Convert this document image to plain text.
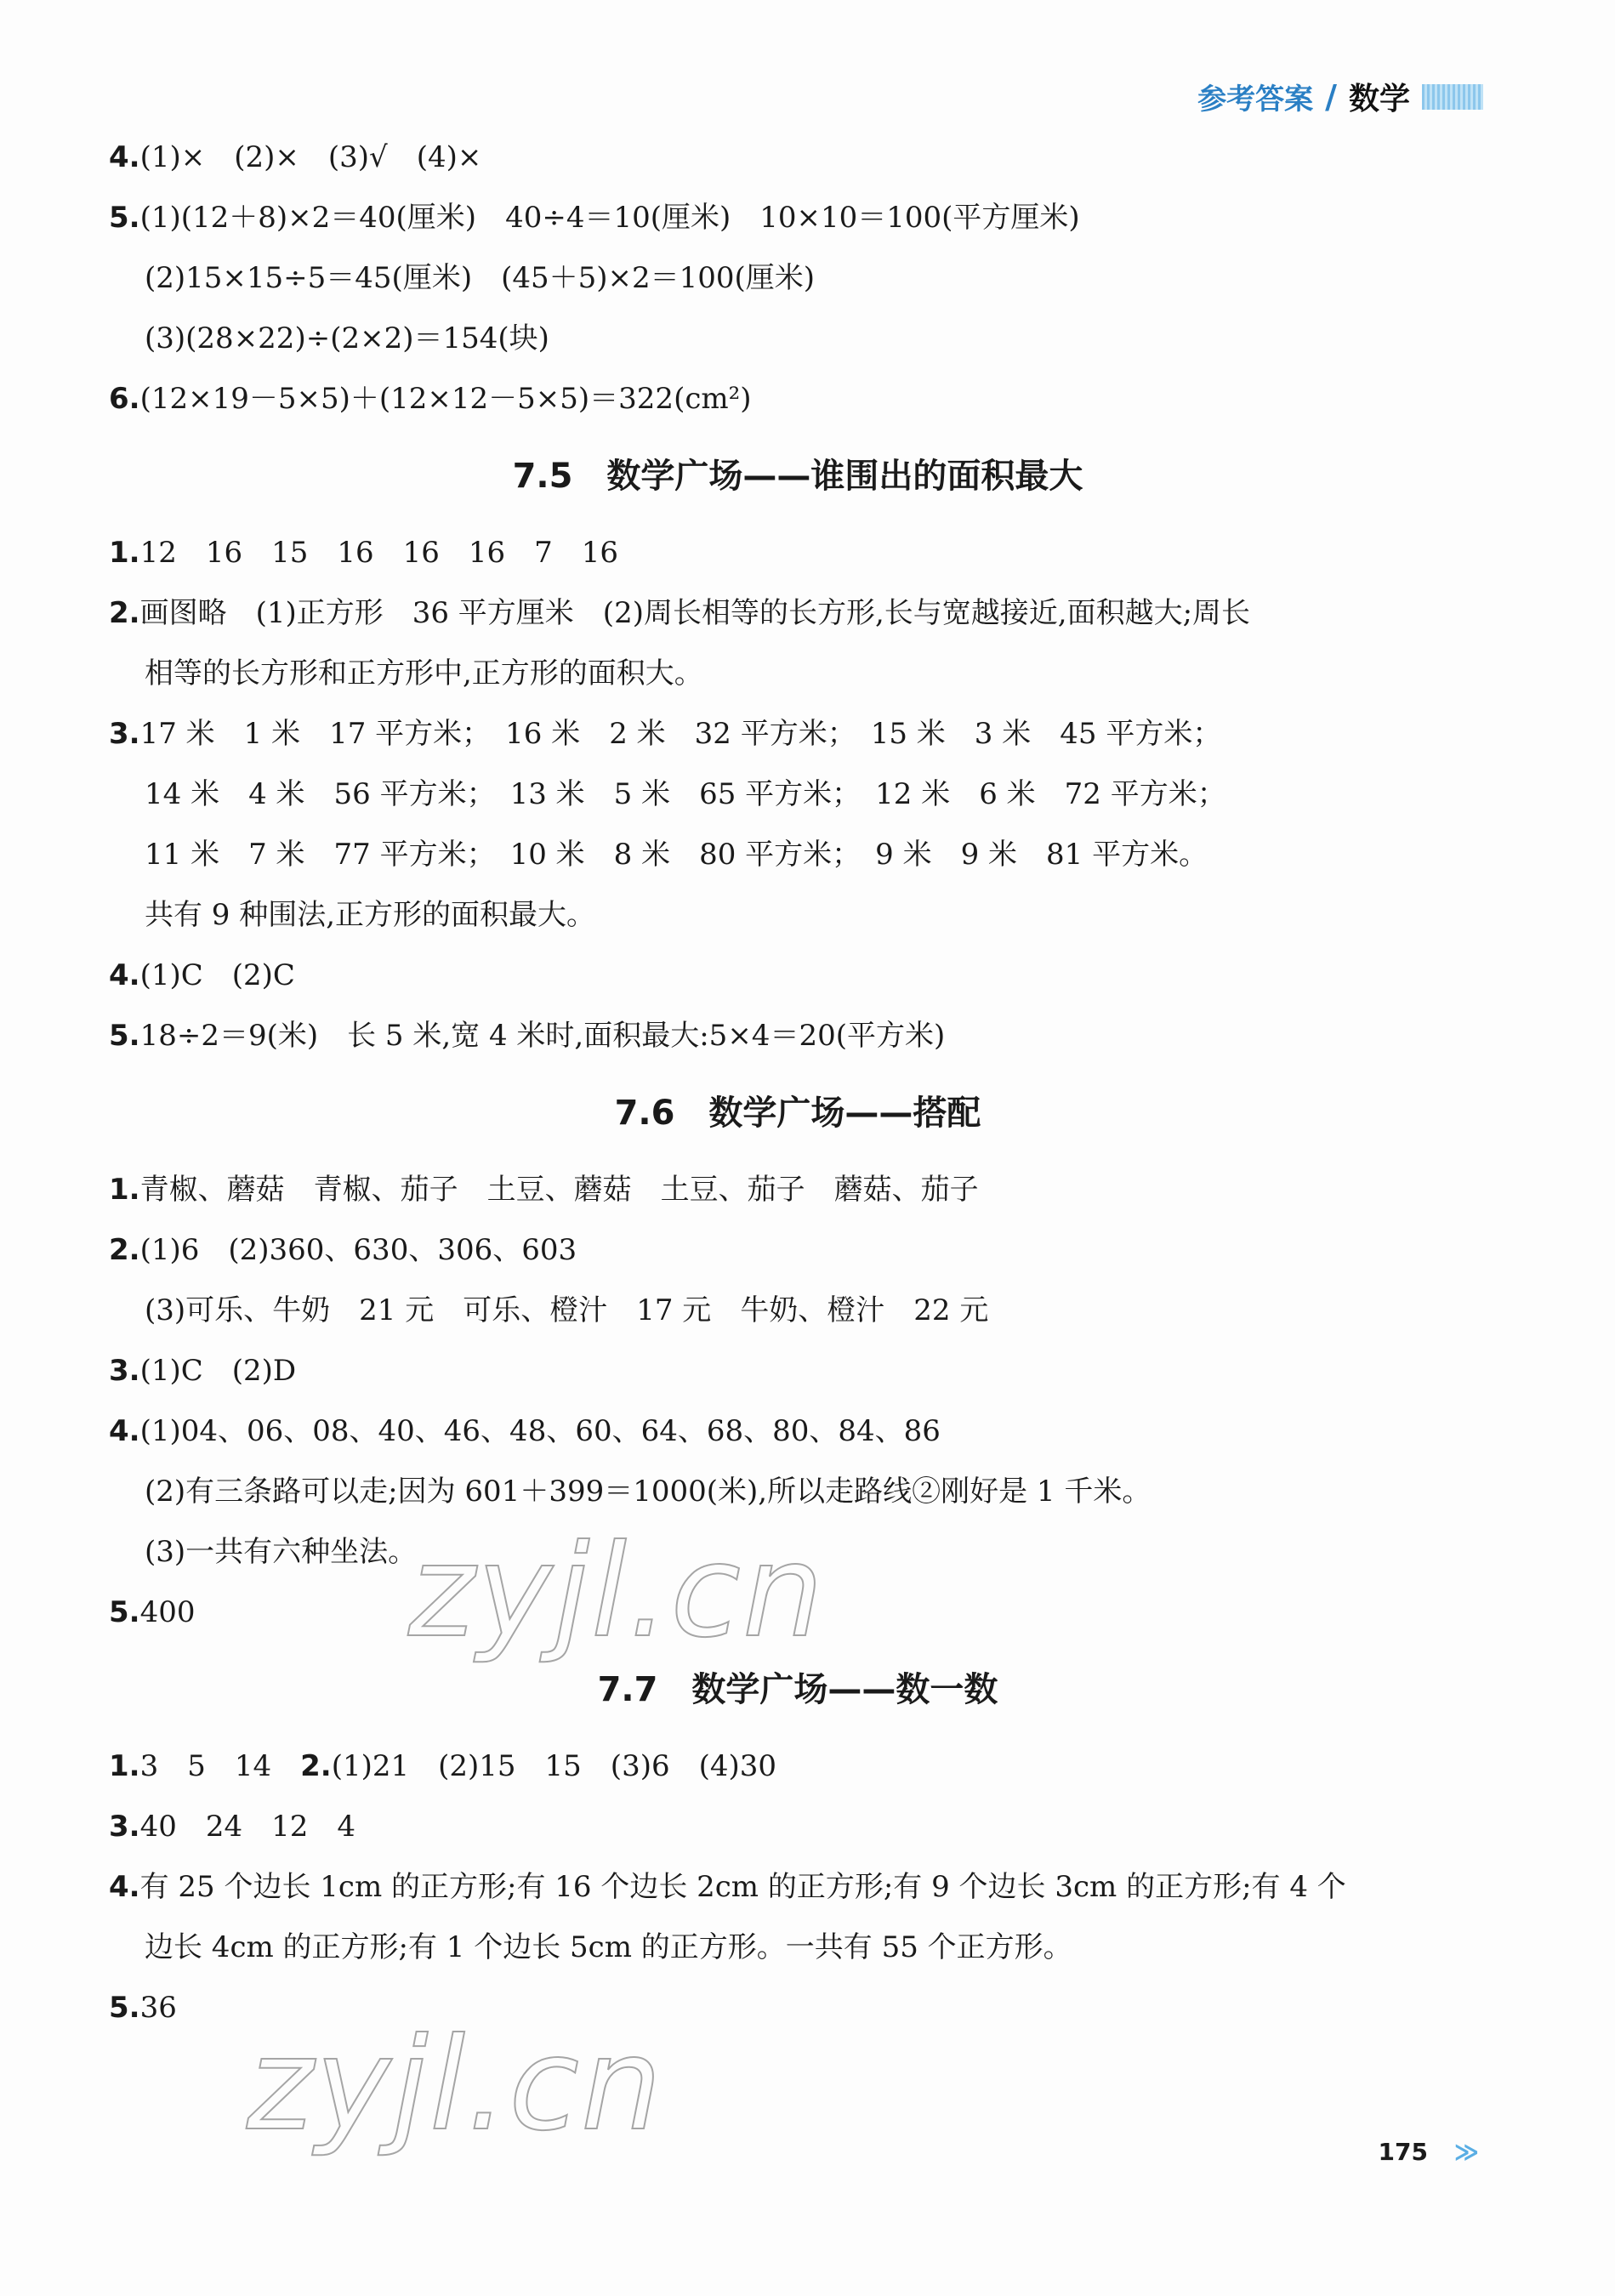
参考答案 / 数学
4.(1)×　(2)×　(3)√　(4)×
5.(1)(12＋8)×2＝40(厘米)　40÷4＝10(厘米)　10×10＝100(平方厘米)
(2)15×15÷5＝45(厘米)　(45＋5)×2＝100(厘米)
(3)(28×22)÷(2×2)＝154(块)
6.(12×19－5×5)＋(12×12－5×5)＝322(cm²)
7.5　数学广场——谁围出的面积最大
1.12　16　15　16　16　16　7　16
2.画图略　(1)正方形　36 平方厘米　(2)周长相等的长方形,长与宽越接近,面积越大;周长
相等的长方形和正方形中,正方形的面积大。
3.17 米　1 米　17 平方米；　16 米　2 米　32 平方米；　15 米　3 米　45 平方米；
14 米　4 米　56 平方米；　13 米　5 米　65 平方米；　12 米　6 米　72 平方米；
11 米　7 米　77 平方米；　10 米　8 米　80 平方米；　9 米　9 米　81 平方米。
共有 9 种围法,正方形的面积最大。
4.(1)C　(2)C
5.18÷2＝9(米)　长 5 米,宽 4 米时,面积最大:5×4＝20(平方米)
7.6　数学广场——搭配
1.青椒、蘑菇　青椒、茄子　土豆、蘑菇　土豆、茄子　蘑菇、茄子
2.(1)6　(2)360、630、306、603
(3)可乐、牛奶　21 元　可乐、橙汁　17 元　牛奶、橙汁　22 元
3.(1)C　(2)D
4.(1)04、06、08、40、46、48、60、64、68、80、84、86
(2)有三条路可以走;因为 601＋399＝1000(米),所以走路线②刚好是 1 千米。
(3)一共有六种坐法。
5.400
7.7　数学广场——数一数
1.3　5　14　2.(1)21　(2)15　15　(3)6　(4)30
3.40　24　12　4
4.有 25 个边长 1cm 的正方形;有 16 个边长 2cm 的正方形;有 9 个边长 3cm 的正方形;有 4 个
边长 4cm 的正方形;有 1 个边长 5cm 的正方形。一共有 55 个正方形。
5.36
zyjl.cn
zyjl.cn	175 ≫
